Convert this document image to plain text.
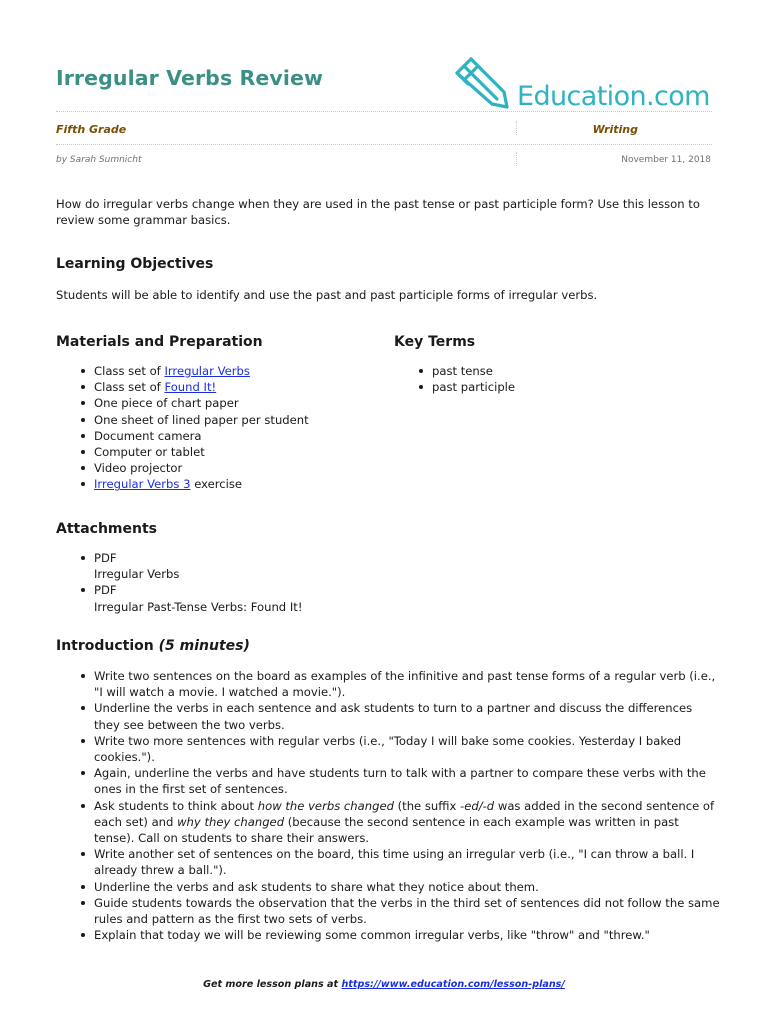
Irregular Verbs Review
Education.com
Fifth Grade	Writing
by Sarah Sumnicht	November 11, 2018

How do irregular verbs change when they are used in the past tense or past participle form? Use this lesson to review some grammar basics.

Learning Objectives

Students will be able to identify and use the past and past participle forms of irregular verbs.

Materials and Preparation
Class set of Irregular Verbs
Class set of Found It!
One piece of chart paper
One sheet of lined paper per student
Document camera
Computer or tablet
Video projector
Irregular Verbs 3 exercise
Key Terms
past tense
past participle
Attachments
PDF
Irregular Verbs
PDF
Irregular Past-Tense Verbs: Found It!
Introduction (5 minutes)
Write two sentences on the board as examples of the infinitive and past tense forms of a regular verb (i.e., "I will watch a movie. I watched a movie.").
Underline the verbs in each sentence and ask students to turn to a partner and discuss the differences they see between the two verbs.
Write two more sentences with regular verbs (i.e., "Today I will bake some cookies. Yesterday I baked cookies.").
Again, underline the verbs and have students turn to talk with a partner to compare these verbs with the ones in the first set of sentences.
Ask students to think about how the verbs changed (the suffix -ed/-d was added in the second sentence of each set) and why they changed (because the second sentence in each example was written in past tense). Call on students to share their answers.
Write another set of sentences on the board, this time using an irregular verb (i.e., "I can throw a ball. I already threw a ball.").
Underline the verbs and ask students to share what they notice about them.
Guide students towards the observation that the verbs in the third set of sentences did not follow the same rules and pattern as the first two sets of verbs.
Explain that today we will be reviewing some common irregular verbs, like "throw" and "threw."
Get more lesson plans at https://www.education.com/lesson-plans/
